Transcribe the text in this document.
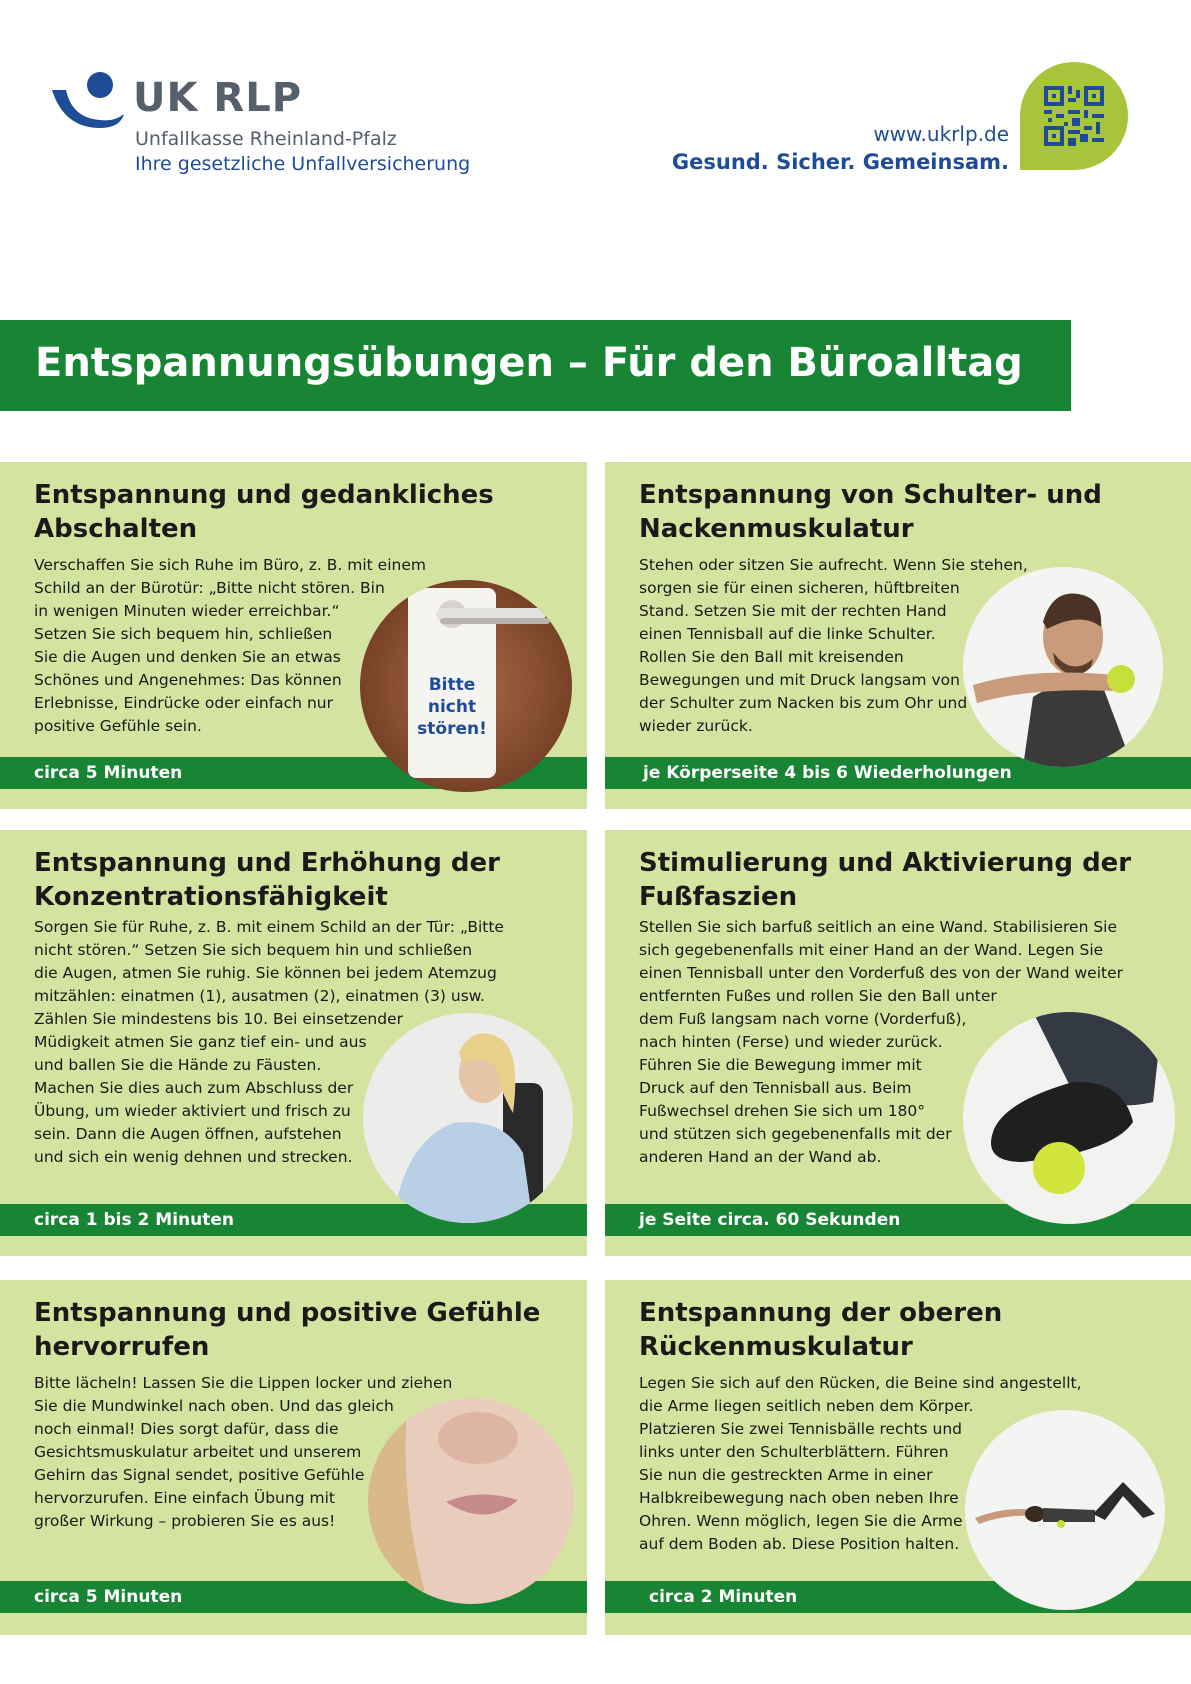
UK RLP
Unfallkasse Rheinland-Pfalz
Ihre gesetzliche Unfallversicherung
www.ukrlp.de
Gesund. Sicher. Gemeinsam.
Entspannungsübungen – Für den Büroalltag
Entspannung und gedankliches Abschalten
Verschaffen Sie sich Ruhe im Büro, z. B. mit einem
Schild an der Bürotür: „Bitte nicht stören. Bin
in wenigen Minuten wieder erreichbar.“
Setzen Sie sich bequem hin, schließen
Sie die Augen und denken Sie an etwas
Schönes und Angenehmes: Das können
Erlebnisse, Eindrücke oder einfach nur
positive Gefühle sein.
circa 5 Minuten
Bitte
nicht
stören!
Entspannung von Schulter- und Nackenmuskulatur
Stehen oder sitzen Sie aufrecht. Wenn Sie stehen,
sorgen sie für einen sicheren, hüftbreiten
Stand. Setzen Sie mit der rechten Hand
einen Tennisball auf die linke Schulter.
Rollen Sie den Ball mit kreisenden
Bewegungen und mit Druck langsam von
der Schulter zum Nacken bis zum Ohr und
wieder zurück.
je Körperseite 4 bis 6 Wiederholungen
Entspannung und Erhöhung der Konzentrationsfähigkeit
Sorgen Sie für Ruhe, z. B. mit einem Schild an der Tür: „Bitte
nicht stören.“ Setzen Sie sich bequem hin und schließen
die Augen, atmen Sie ruhig. Sie können bei jedem Atemzug
mitzählen: einatmen (1), ausatmen (2), einatmen (3) usw.
Zählen Sie mindestens bis 10. Bei einsetzender
Müdigkeit atmen Sie ganz tief ein- und aus
und ballen Sie die Hände zu Fäusten.
Machen Sie dies auch zum Abschluss der
Übung, um wieder aktiviert und frisch zu
sein. Dann die Augen öffnen, aufstehen
und sich ein wenig dehnen und strecken.
circa 1 bis 2 Minuten
Stimulierung und Aktivierung der Fußfaszien
Stellen Sie sich barfuß seitlich an eine Wand. Stabilisieren Sie
sich gegebenenfalls mit einer Hand an der Wand. Legen Sie
einen Tennisball unter den Vorderfuß des von der Wand weiter
entfernten Fußes und rollen Sie den Ball unter
dem Fuß langsam nach vorne (Vorderfuß),
nach hinten (Ferse) und wieder zurück.
Führen Sie die Bewegung immer mit
Druck auf den Tennisball aus. Beim
Fußwechsel drehen Sie sich um 180°
und stützen sich gegebenenfalls mit der
anderen Hand an der Wand ab.
je Seite circa. 60 Sekunden
Entspannung und positive Gefühle hervorrufen
Bitte lächeln! Lassen Sie die Lippen locker und ziehen
Sie die Mundwinkel nach oben. Und das gleich
noch einmal! Dies sorgt dafür, dass die
Gesichtsmuskulatur arbeitet und unserem
Gehirn das Signal sendet, positive Gefühle
hervorzurufen. Eine einfach Übung mit
großer Wirkung – probieren Sie es aus!
circa 5 Minuten
Entspannung der oberen Rückenmuskulatur
Legen Sie sich auf den Rücken, die Beine sind angestellt,
die Arme liegen seitlich neben dem Körper.
Platzieren Sie zwei Tennisbälle rechts und
links unter den Schulterblättern. Führen
Sie nun die gestreckten Arme in einer
Halbkreibewegung nach oben neben Ihre
Ohren. Wenn möglich, legen Sie die Arme
auf dem Boden ab. Diese Position halten.
circa 2 Minuten
